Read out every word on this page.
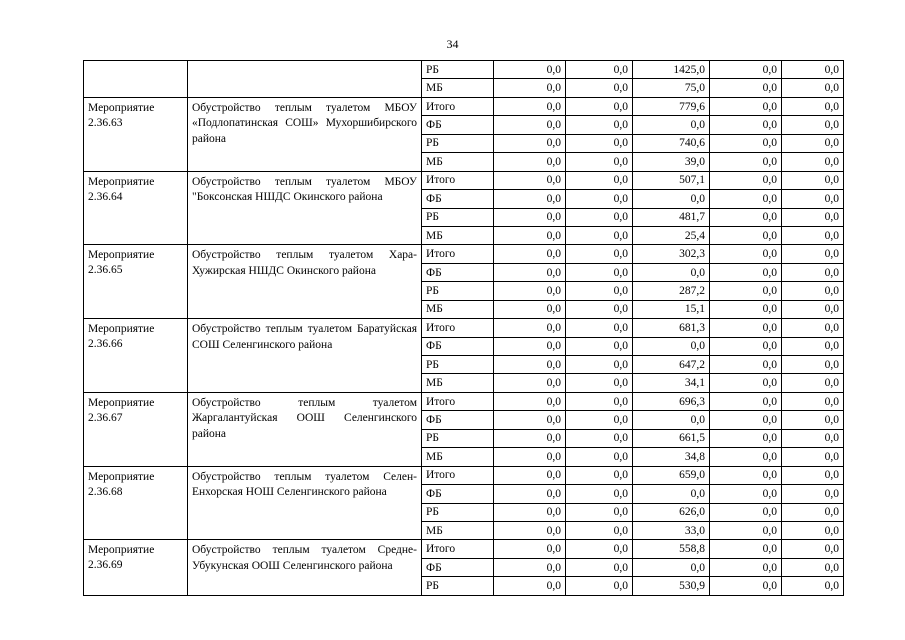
34
		РБ	0,0	0,0	1425,0	0,0	0,0
		МБ	0,0	0,0	75,0	0,0	0,0
Мероприятие 2.36.63	Обустройство теплым туалетом МБОУ «Подлопатинская СОШ» Мухоршибирского района	Итого	0,0	0,0	779,6	0,0	0,0
		ФБ	0,0	0,0	0,0	0,0	0,0
		РБ	0,0	0,0	740,6	0,0	0,0
		МБ	0,0	0,0	39,0	0,0	0,0
Мероприятие 2.36.64	Обустройство теплым туалетом МБОУ "Боксонская НШДС Окинского района	Итого	0,0	0,0	507,1	0,0	0,0
		ФБ	0,0	0,0	0,0	0,0	0,0
		РБ	0,0	0,0	481,7	0,0	0,0
		МБ	0,0	0,0	25,4	0,0	0,0
Мероприятие 2.36.65	Обустройство теплым туалетом Хара-Хужирская НШДС Окинского района	Итого	0,0	0,0	302,3	0,0	0,0
		ФБ	0,0	0,0	0,0	0,0	0,0
		РБ	0,0	0,0	287,2	0,0	0,0
		МБ	0,0	0,0	15,1	0,0	0,0
Мероприятие 2.36.66	Обустройство теплым туалетом Баратуйская СОШ Селенгинского района	Итого	0,0	0,0	681,3	0,0	0,0
		ФБ	0,0	0,0	0,0	0,0	0,0
		РБ	0,0	0,0	647,2	0,0	0,0
		МБ	0,0	0,0	34,1	0,0	0,0
Мероприятие 2.36.67	Обустройство теплым туалетом Жаргалантуйская ООШ Селенгинского района	Итого	0,0	0,0	696,3	0,0	0,0
		ФБ	0,0	0,0	0,0	0,0	0,0
		РБ	0,0	0,0	661,5	0,0	0,0
		МБ	0,0	0,0	34,8	0,0	0,0
Мероприятие 2.36.68	Обустройство теплым туалетом Селен-Енхорская НОШ Селенгинского района	Итого	0,0	0,0	659,0	0,0	0,0
		ФБ	0,0	0,0	0,0	0,0	0,0
		РБ	0,0	0,0	626,0	0,0	0,0
		МБ	0,0	0,0	33,0	0,0	0,0
Мероприятие 2.36.69	Обустройство теплым туалетом Средне-Убукунская ООШ Селенгинского района	Итого	0,0	0,0	558,8	0,0	0,0
		ФБ	0,0	0,0	0,0	0,0	0,0
		РБ	0,0	0,0	530,9	0,0	0,0
